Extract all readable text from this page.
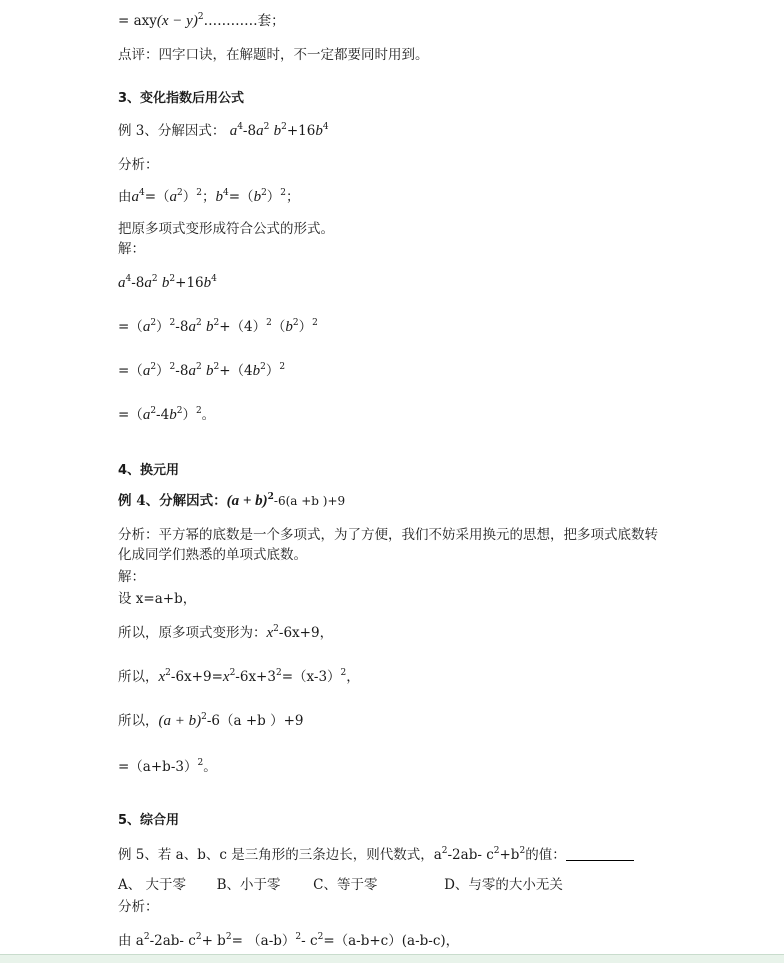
= $axy(x - y)^2\dots\dots\dots\dots$套；
点评：四字口诀，在解题时，不一定都要同时用到。
3、变化指数后用公式
例 3、分解因式： $a^4-8a^2$ $b^2+16b^4$
分析：
由$a^4=(a^2)^2$；$b^4=(b^2)^2$；
把原多项式变形成符合公式的形式。
解：
$a^4-8a^2$ $b^2+16b^4$
$=(a^2)^2-8a^2$ $b^2+(4)^2(b^2)^2$
$=(a^2)^2-8a^2$ $b^2+(4b^2)^2$
$=(a^2-4b^2)^2$。
4、换元用
例 4、分解因式：$(a + b)^2-6(a +b$ )+9
分析：平方幂的底数是一个多项式，为了方便，我们不妨采用换元的思想，把多项式底数转
化成同学们熟悉的单项式底数。
解：
设 x=a+b，
所以，原多项式变形为：$x^2-6x+9$，
所以，$x^2-6x+9=x^2-6x+3^2=(x-3)^2$，
所以，$(a + b)^2-6(a +b$ ）+9
$=(a+b-3)^2$。
5、综合用
例 5、若 a、b、c 是三角形的三条边长，则代数式，$a^2-2ab-$ $c^2+b^2$的值：
A、 大于零 B、小于零 C、等于零	D、与零的大小无关
分析：
由 $a^2-2ab-$ $c^2+ b^2= (a-b)^2-$ $c^2=(a-b+c)(a-b-c)$，
